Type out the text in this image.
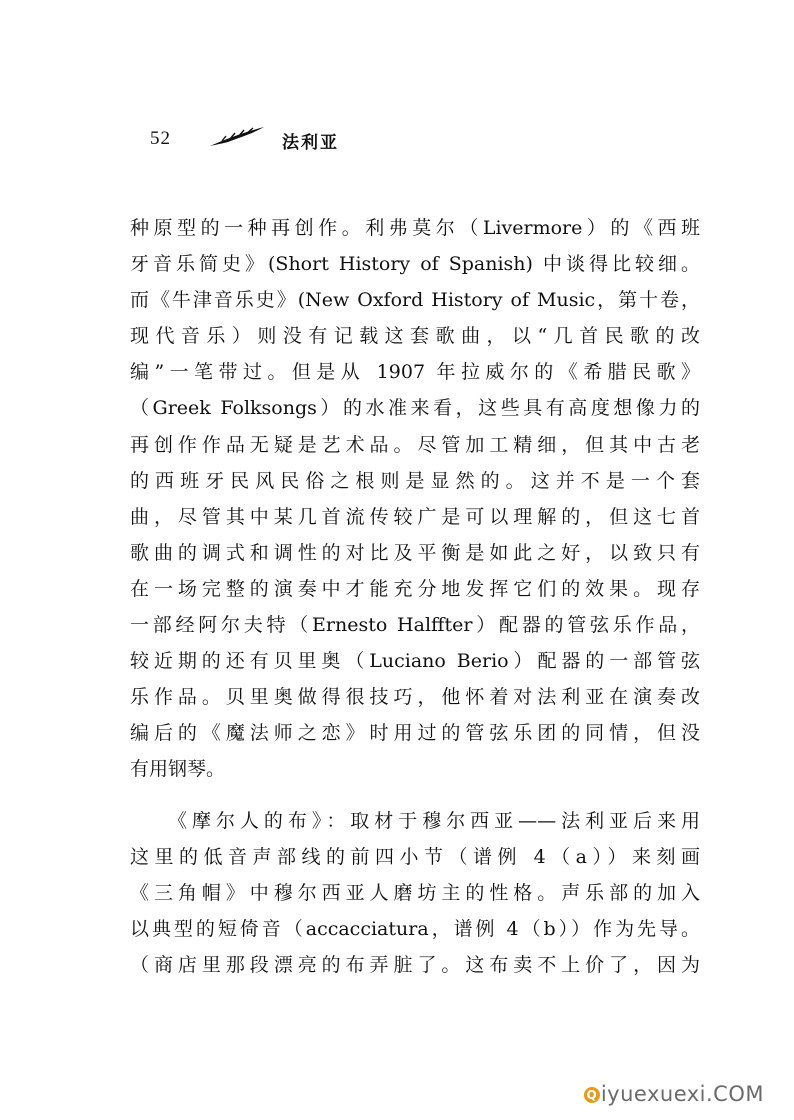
52	法利亚
种原型的一种再创作。利弗莫尔（Livermore）的《西班
牙音乐简史》(Short History of Spanish) 中谈得比较细。
而《牛津音乐史》(New Oxford History of Music，第十卷，
现代音乐）则没有记载这套歌曲，以“几首民歌的改
编”一笔带过。但是从 1907 年拉威尔的《希腊民歌》
（Greek Folksongs）的水准来看，这些具有高度想像力的
再创作作品无疑是艺术品。尽管加工精细，但其中古老
的西班牙民风民俗之根则是显然的。这并不是一个套
曲，尽管其中某几首流传较广是可以理解的，但这七首
歌曲的调式和调性的对比及平衡是如此之好，以致只有
在一场完整的演奏中才能充分地发挥它们的效果。现存
一部经阿尔夫特（Ernesto Halffter）配器的管弦乐作品，
较近期的还有贝里奥（Luciano Berio）配器的一部管弦
乐作品。贝里奥做得很技巧，他怀着对法利亚在演奏改
编后的《魔法师之恋》时用过的管弦乐团的同情，但没
有用钢琴。
《摩尔人的布》：取材于穆尔西亚——法利亚后来用
这里的低音声部线的前四小节（谱例 4（a））来刻画
《三角帽》中穆尔西亚人磨坊主的性格。声乐部的加入
以典型的短倚音（accacciatura，谱例 4（b））作为先导。
（商店里那段漂亮的布弄脏了。这布卖不上价了，因为
Q iyuexuexi.COM
